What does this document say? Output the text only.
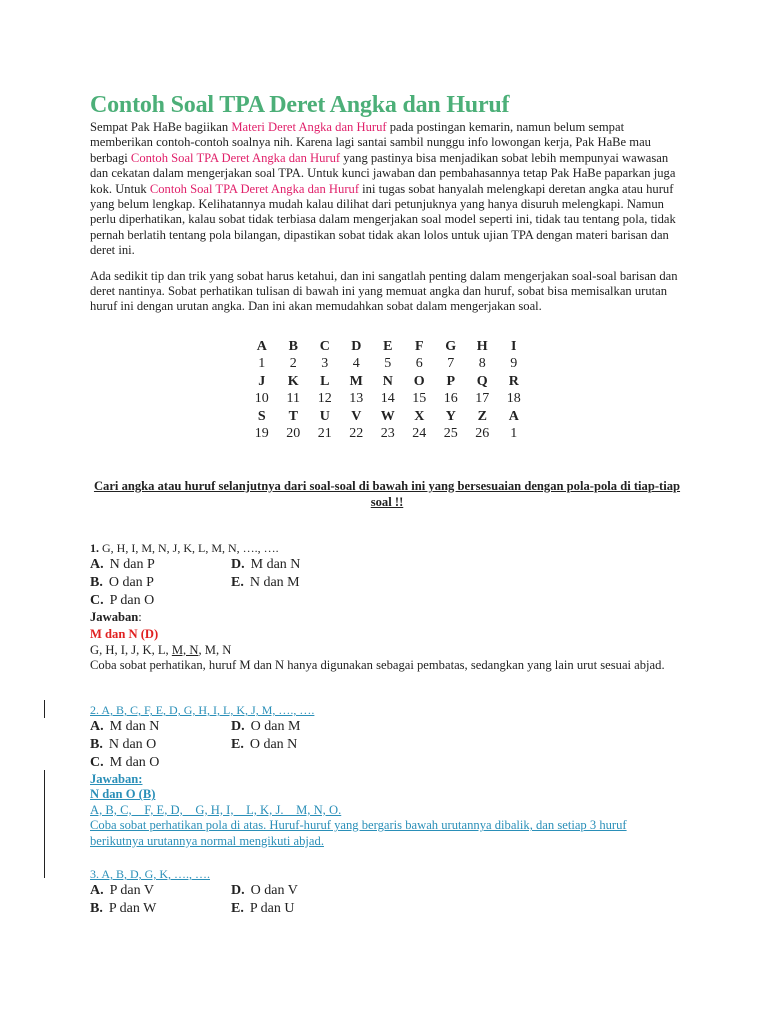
Contoh Soal TPA Deret Angka dan Huruf

Sempat Pak HaBe bagiikan Materi Deret Angka dan Huruf pada postingan kemarin, namun belum sempat memberikan contoh-contoh soalnya nih. Karena lagi santai sambil nunggu info lowongan kerja, Pak HaBe mau berbagi Contoh Soal TPA Deret Angka dan Huruf yang pastinya bisa menjadikan sobat lebih mempunyai wawasan dan cekatan dalam mengerjakan soal TPA. Untuk kunci jawaban dan pembahasannya tetap Pak HaBe paparkan juga kok. Untuk Contoh Soal TPA Deret Angka dan Huruf ini tugas sobat hanyalah melengkapi deretan angka atau huruf yang belum lengkap. Kelihatannya mudah kalau dilihat dari petunjuknya yang hanya disuruh melengkapi. Namun perlu diperhatikan, kalau sobat tidak terbiasa dalam mengerjakan soal model seperti ini, tidak tau tentang pola, tidak pernah berlatih tentang pola bilangan, dipastikan sobat tidak akan lolos untuk ujian TPA dengan materi barisan dan deret ini.

Ada sedikit tip dan trik yang sobat harus ketahui, dan ini sangatlah penting dalam mengerjakan soal-soal barisan dan deret nantinya. Sobat perhatikan tulisan di bawah ini yang memuat angka dan huruf, sobat bisa memisalkan urutan huruf ini dengan urutan angka. Dan ini akan memudahkan sobat dalam mengerjakan soal.

A	B	C	D	E	F	G	H	I
1	2	3	4	5	6	7	8	9
J	K	L	M	N	O	P	Q	R
10	11	12	13	14	15	16	17	18
S	T	U	V	W	X	Y	Z	A
19	20	21	22	23	24	25	26	1
Cari angka atau huruf selanjutnya dari soal-soal di bawah ini yang bersesuaian dengan pola-pola di tiap-tiap soal !!
1. G, H, I, M, N, J, K, L, M, N, …., ….
A. N dan P	D. M dan N
B. O dan P	E. N dan M
C. P dan O
Jawaban:
M dan N (D)
G, H, I, J, K, L, M, N, M, N
Coba sobat perhatikan, huruf M dan N hanya digunakan sebagai pembatas, sedangkan yang lain urut sesuai abjad.
2. A, B, C, F, E, D, G, H, I, L, K, J, M, …., ….
A. M dan N	D. O dan M
B. N dan O	E. O dan N
C. M dan O
Jawaban:
N dan O (B)
A, B, C,    F, E, D,    G, H, I,    L, K, J.    M, N, O.
Coba sobat perhatikan pola di atas. Huruf-huruf yang bergaris bawah urutannya dibalik, dan setiap 3 huruf berikutnya urutannya normal mengikuti abjad.
3. A, B, D, G, K, …., ….
A. P dan V	D. O dan V
B. P dan W	E. P dan U
